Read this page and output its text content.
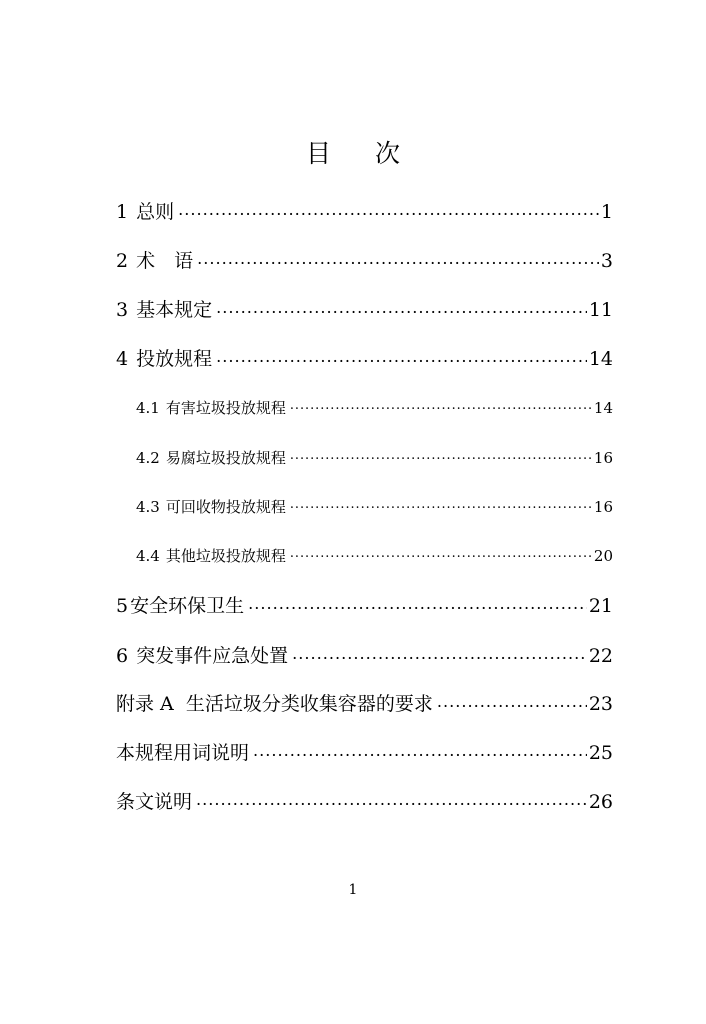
目 次
1 总则 .....	1
2 术　语 .....	3
3 基本规定 .....	11
4 投放规程 .....	14
4.1 有害垃圾投放规程 .....	14
4.2 易腐垃圾投放规程 .....	16
4.3 可回收物投放规程 .....	16
4.4 其他垃圾投放规程 .....	20
5 安全环保卫生 .....	21
6 突发事件应急处置 .....	22
附录 A  生活垃圾分类收集容器的要求 .....	23
本规程用词说明 .....	25
条文说明 .....	26
1
